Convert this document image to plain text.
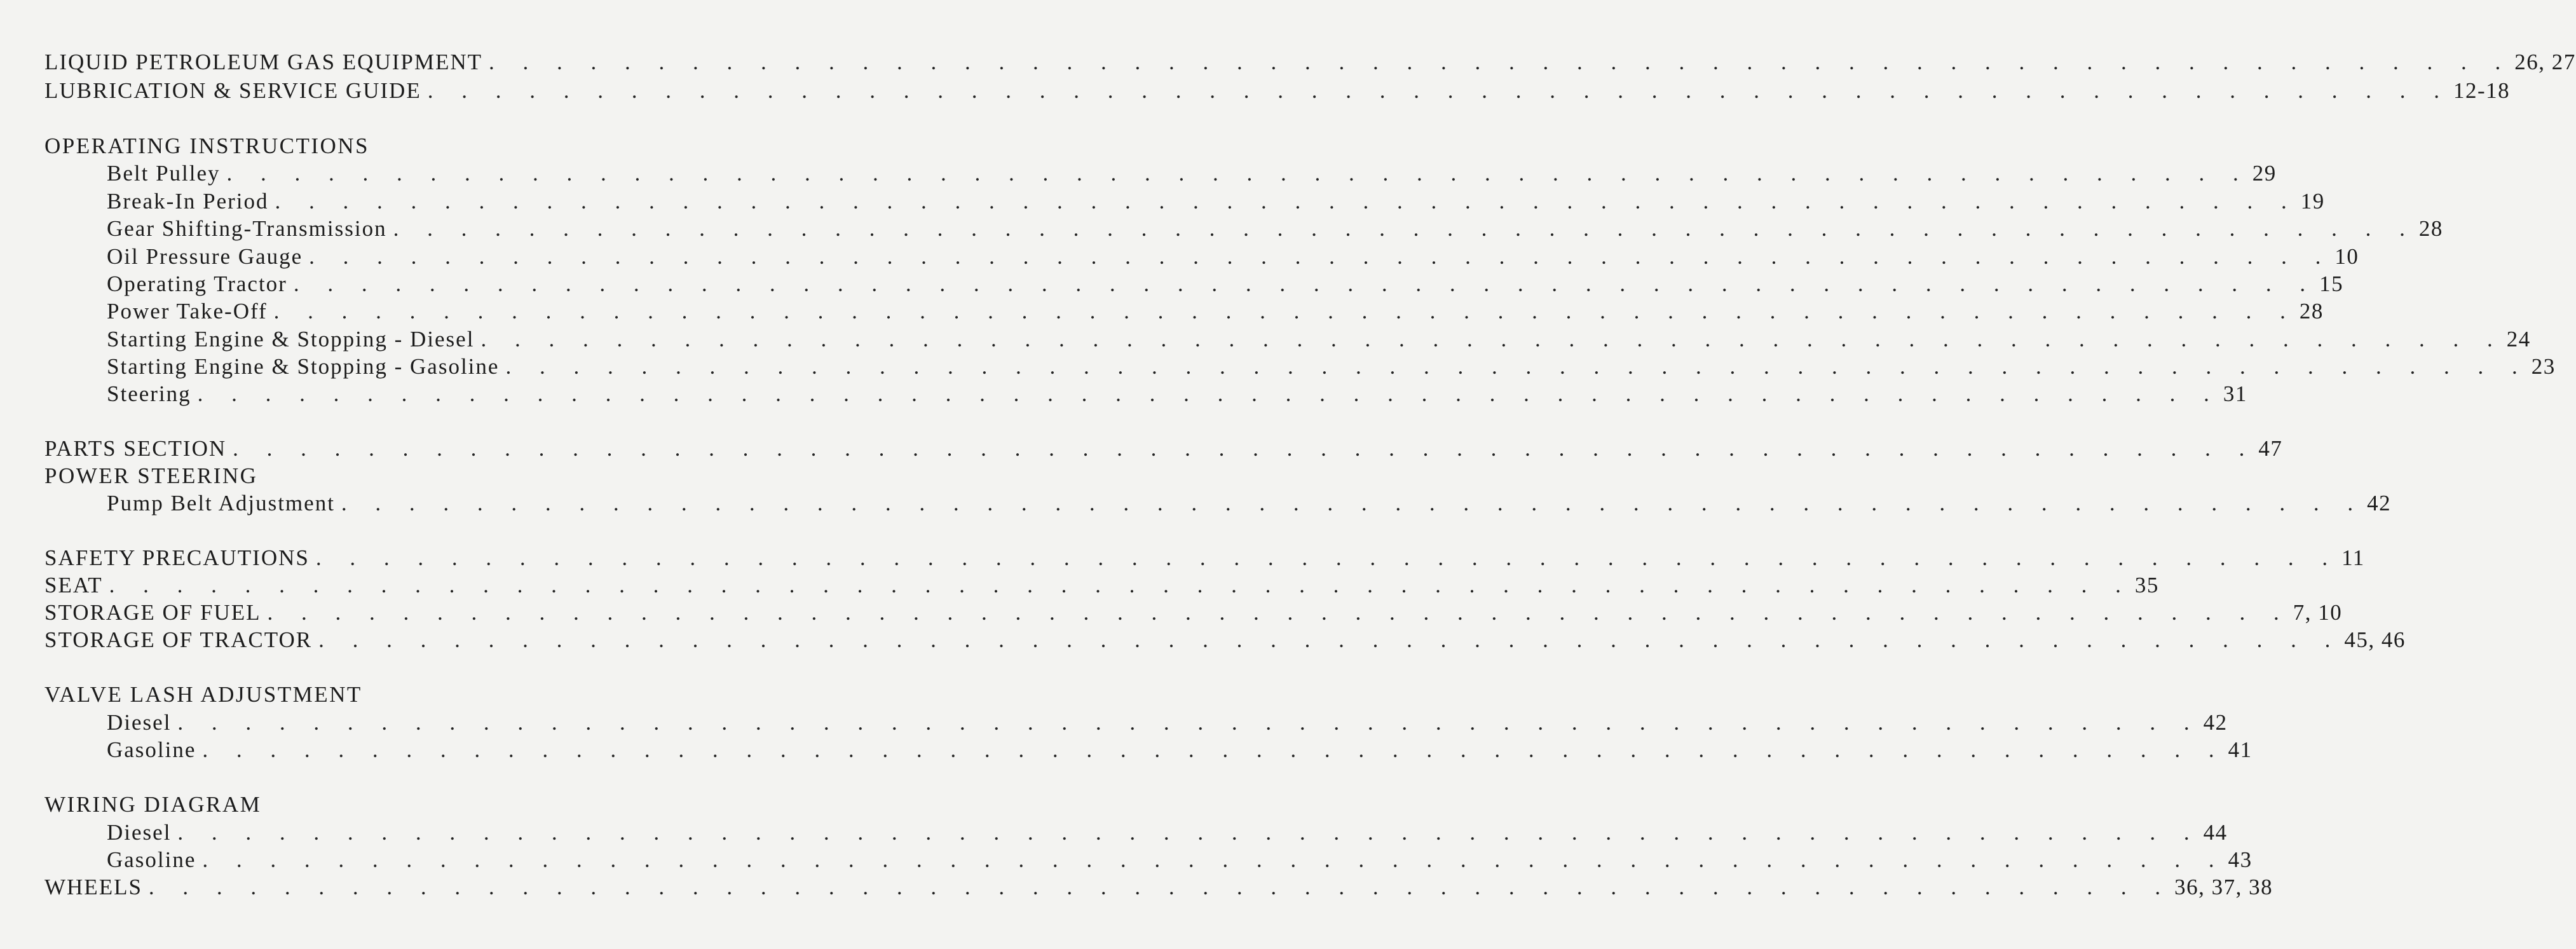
LIQUID PETROLEUM GAS EQUIPMENT . . . . . . . . . . . . . . . . . . . . . . . . . . . . . . . . . . . . . . . . . . . . . . . . . . . . . . . . . . . . 26, 27
LUBRICATION & SERVICE GUIDE . . . . . . . . . . . . . . . . . . . . . . . . . . . . . . . . . . . . . . . . . . . . . . . . . . . . . . . . . . . . 12-18
OPERATING INSTRUCTIONS
Belt Pulley . . . . . . . . . . . . . . . . . . . . . . . . . . . . . . . . . . . . . . . . . . . . . . . . . . . . . . . . . . . . 29
Break-In Period . . . . . . . . . . . . . . . . . . . . . . . . . . . . . . . . . . . . . . . . . . . . . . . . . . . . . . . . . . . . 19
Gear Shifting-Transmission . . . . . . . . . . . . . . . . . . . . . . . . . . . . . . . . . . . . . . . . . . . . . . . . . . . . . . . . . . . . 28
Oil Pressure Gauge . . . . . . . . . . . . . . . . . . . . . . . . . . . . . . . . . . . . . . . . . . . . . . . . . . . . . . . . . . . . 10
Operating Tractor . . . . . . . . . . . . . . . . . . . . . . . . . . . . . . . . . . . . . . . . . . . . . . . . . . . . . . . . . . . . 15
Power Take-Off . . . . . . . . . . . . . . . . . . . . . . . . . . . . . . . . . . . . . . . . . . . . . . . . . . . . . . . . . . . . 28
Starting Engine & Stopping - Diesel . . . . . . . . . . . . . . . . . . . . . . . . . . . . . . . . . . . . . . . . . . . . . . . . . . . . . . . . . . . . 24
Starting Engine & Stopping - Gasoline . . . . . . . . . . . . . . . . . . . . . . . . . . . . . . . . . . . . . . . . . . . . . . . . . . . . . . . . . . . . 23
Steering . . . . . . . . . . . . . . . . . . . . . . . . . . . . . . . . . . . . . . . . . . . . . . . . . . . . . . . . . . . . 31
PARTS SECTION . . . . . . . . . . . . . . . . . . . . . . . . . . . . . . . . . . . . . . . . . . . . . . . . . . . . . . . . . . . . 47
POWER STEERING
Pump Belt Adjustment . . . . . . . . . . . . . . . . . . . . . . . . . . . . . . . . . . . . . . . . . . . . . . . . . . . . . . . . . . . . 42
SAFETY PRECAUTIONS . . . . . . . . . . . . . . . . . . . . . . . . . . . . . . . . . . . . . . . . . . . . . . . . . . . . . . . . . . . . 11
SEAT . . . . . . . . . . . . . . . . . . . . . . . . . . . . . . . . . . . . . . . . . . . . . . . . . . . . . . . . . . . . 35
STORAGE OF FUEL . . . . . . . . . . . . . . . . . . . . . . . . . . . . . . . . . . . . . . . . . . . . . . . . . . . . . . . . . . . . 7, 10
STORAGE OF TRACTOR . . . . . . . . . . . . . . . . . . . . . . . . . . . . . . . . . . . . . . . . . . . . . . . . . . . . . . . . . . . . 45, 46
VALVE LASH ADJUSTMENT
Diesel . . . . . . . . . . . . . . . . . . . . . . . . . . . . . . . . . . . . . . . . . . . . . . . . . . . . . . . . . . . . 42
Gasoline . . . . . . . . . . . . . . . . . . . . . . . . . . . . . . . . . . . . . . . . . . . . . . . . . . . . . . . . . . . . 41
WIRING DIAGRAM
Diesel . . . . . . . . . . . . . . . . . . . . . . . . . . . . . . . . . . . . . . . . . . . . . . . . . . . . . . . . . . . . 44
Gasoline . . . . . . . . . . . . . . . . . . . . . . . . . . . . . . . . . . . . . . . . . . . . . . . . . . . . . . . . . . . . 43
WHEELS . . . . . . . . . . . . . . . . . . . . . . . . . . . . . . . . . . . . . . . . . . . . . . . . . . . . . . . . . . . . 36, 37, 38
